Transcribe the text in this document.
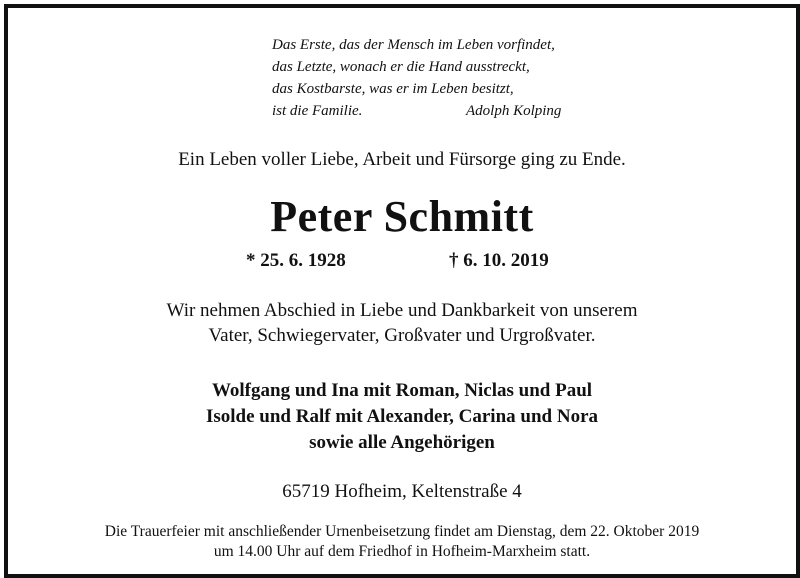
Das Erste, das der Mensch im Leben vorfindet,
das Letzte, wonach er die Hand ausstreckt,
das Kostbarste, was er im Leben besitzt,
ist die Familie.	Adolph Kolping
Ein Leben voller Liebe, Arbeit und Fürsorge ging zu Ende.
Peter Schmitt
* 25. 6. 1928	† 6. 10. 2019
Wir nehmen Abschied in Liebe und Dankbarkeit von unserem
Vater, Schwiegervater, Großvater und Urgroßvater.
Wolfgang und Ina mit Roman, Niclas und Paul
Isolde und Ralf mit Alexander, Carina und Nora
sowie alle Angehörigen
65719 Hofheim, Keltenstraße 4
Die Trauerfeier mit anschließender Urnenbeisetzung findet am Dienstag, dem 22. Oktober 2019
um 14.00 Uhr auf dem Friedhof in Hofheim-Marxheim statt.
